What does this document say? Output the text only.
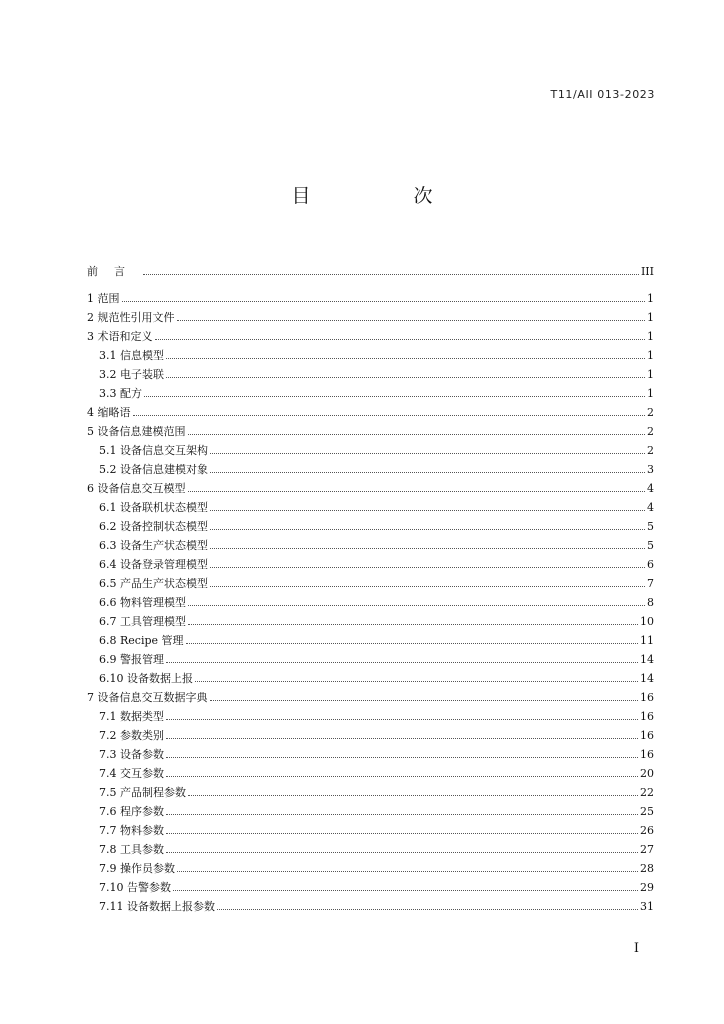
T11/AII 013-2023
目　次
前言	III
1 范围	1
2 规范性引用文件	1
3 术语和定义	1
3.1 信息模型	1
3.2 电子装联	1
3.3 配方	1
4 缩略语	2
5 设备信息建模范围	2
5.1 设备信息交互架构	2
5.2 设备信息建模对象	3
6 设备信息交互模型	4
6.1 设备联机状态模型	4
6.2 设备控制状态模型	5
6.3 设备生产状态模型	5
6.4 设备登录管理模型	6
6.5 产品生产状态模型	7
6.6 物料管理模型	8
6.7 工具管理模型	10
6.8 Recipe 管理	11
6.9 警报管理	14
6.10 设备数据上报	14
7 设备信息交互数据字典	16
7.1 数据类型	16
7.2 参数类别	16
7.3 设备参数	16
7.4 交互参数	20
7.5 产品制程参数	22
7.6 程序参数	25
7.7 物料参数	26
7.8 工具参数	27
7.9 操作员参数	28
7.10 告警参数	29
7.11 设备数据上报参数	31
I
